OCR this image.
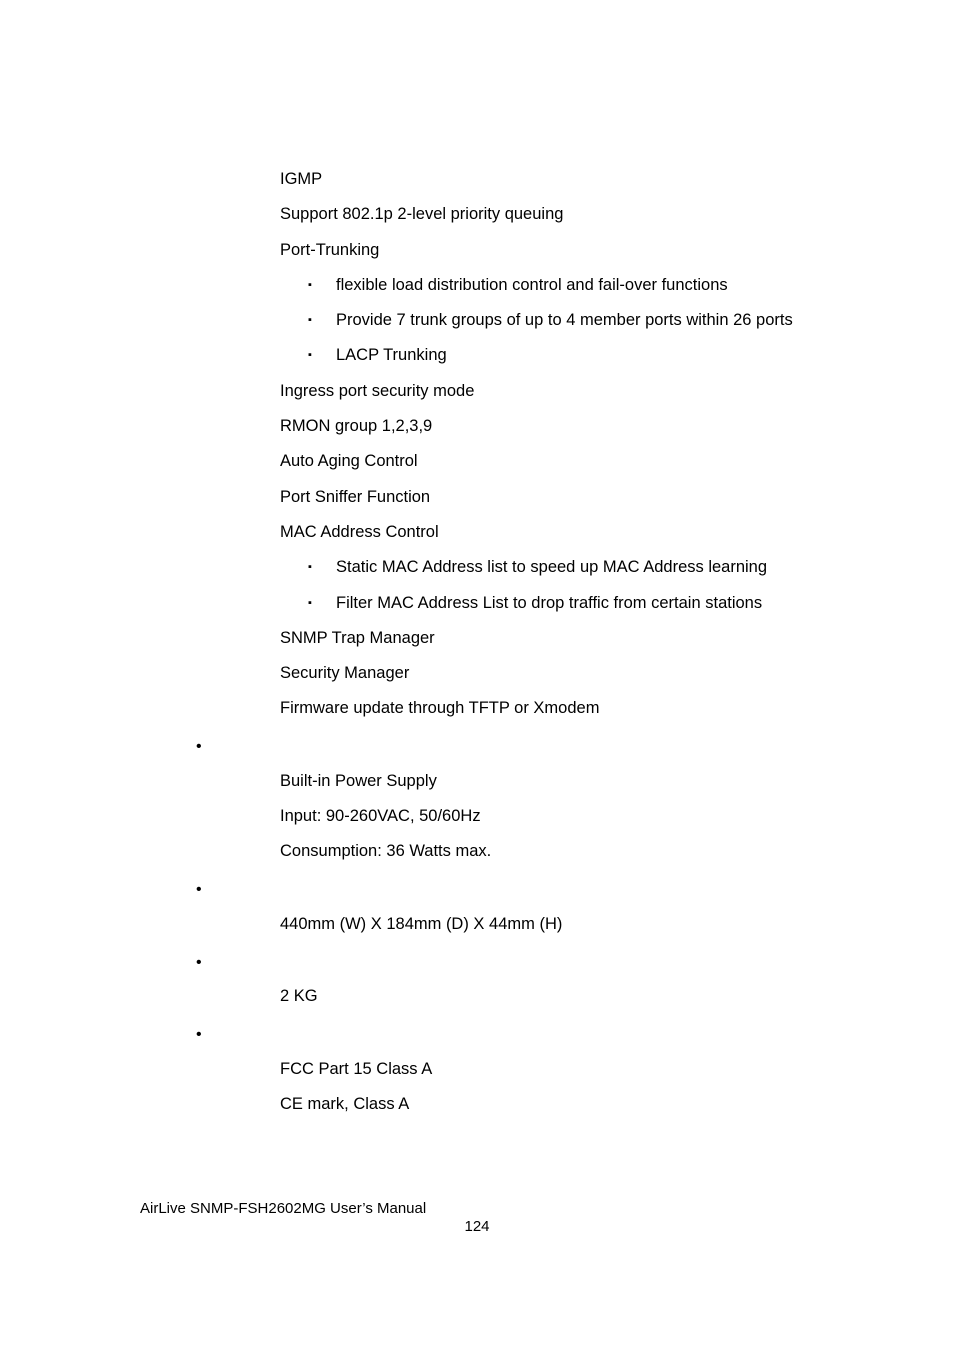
IGMP
Support 802.1p 2-level priority queuing
Port-Trunking
▪ flexible load distribution control and fail-over functions
▪ Provide 7 trunk groups of up to 4 member ports within 26 ports
▪ LACP Trunking
Ingress port security mode
RMON group 1,2,3,9
Auto Aging Control
Port Sniffer Function
MAC Address Control
▪ Static MAC Address list to speed up MAC Address learning
▪ Filter MAC Address List to drop traffic from certain stations
SNMP Trap Manager
Security Manager
Firmware update through TFTP or Xmodem
•
Built-in Power Supply
Input: 90-260VAC, 50/60Hz
Consumption: 36 Watts max.
•
440mm (W) X 184mm (D) X 44mm (H)
•
2 KG
•
FCC Part 15 Class A
CE mark, Class A
AirLive SNMP-FSH2602MG User’s Manual
124
